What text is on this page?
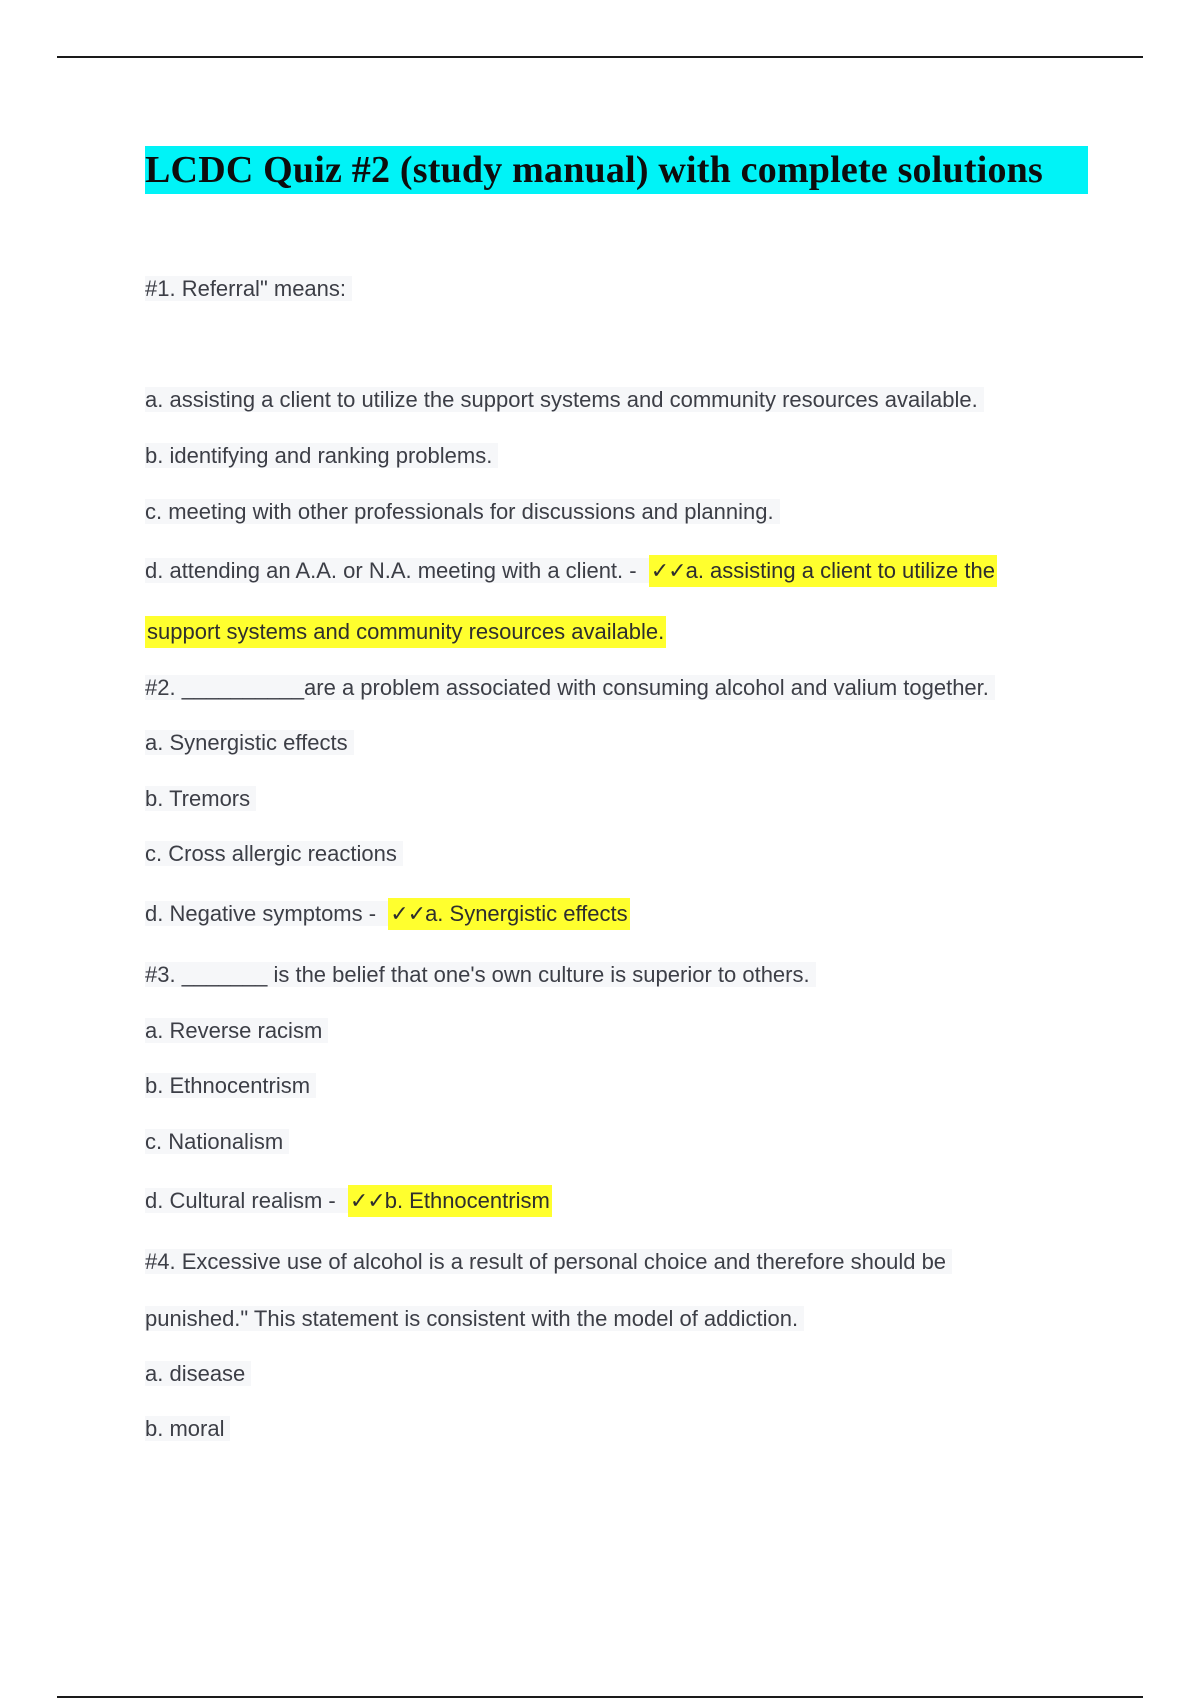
LCDC Quiz #2 (study manual) with complete solutions
#1. Referral" means:
a. assisting a client to utilize the support systems and community resources available.
b. identifying and ranking problems.
c. meeting with other professionals for discussions and planning.
d. attending an A.A. or N.A. meeting with a client. - ✓✓a. assisting a client to utilize the
support systems and community resources available.
#2. __________are a problem associated with consuming alcohol and valium together.
a. Synergistic effects
b. Tremors
c. Cross allergic reactions
d. Negative symptoms - ✓✓a. Synergistic effects
#3. _______ is the belief that one's own culture is superior to others.
a. Reverse racism
b. Ethnocentrism
c. Nationalism
d. Cultural realism - ✓✓b. Ethnocentrism
#4. Excessive use of alcohol is a result of personal choice and therefore should be
punished." This statement is consistent with the model of addiction.
a. disease
b. moral
